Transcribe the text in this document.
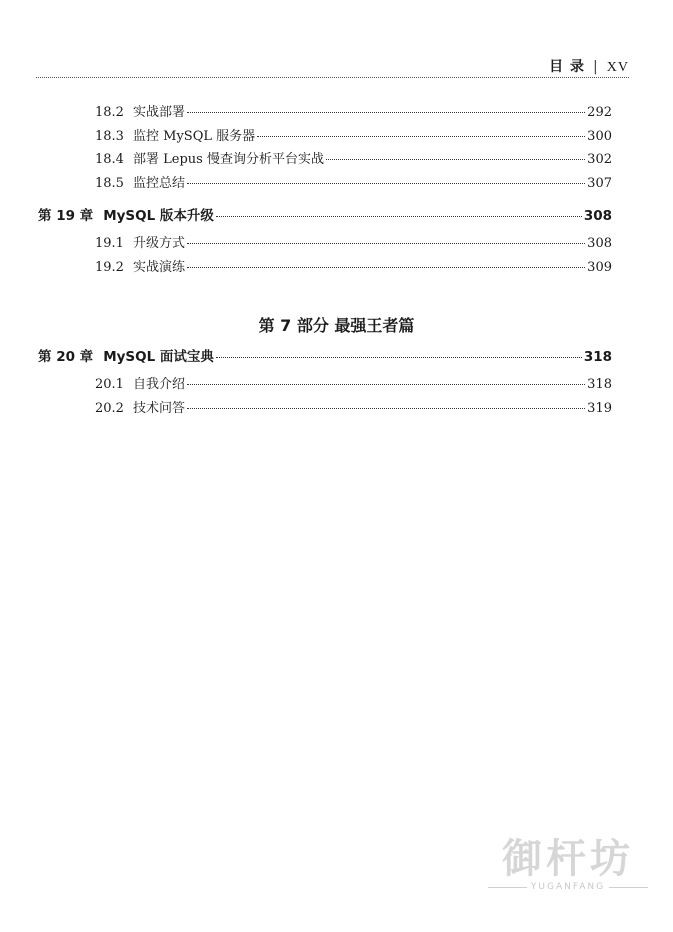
目 录 | XV
18.2 实战部署	292
18.3 监控 MySQL 服务器	300
18.4 部署 Lepus 慢查询分析平台实战	302
18.5 监控总结	307
第 19 章 MySQL 版本升级	308
19.1 升级方式	308
19.2 实战演练	309
第 7 部分 最强王者篇
第 20 章 MySQL 面试宝典	318
20.1 自我介绍	318
20.2 技术问答	319
御杆坊
YUGANFANG
